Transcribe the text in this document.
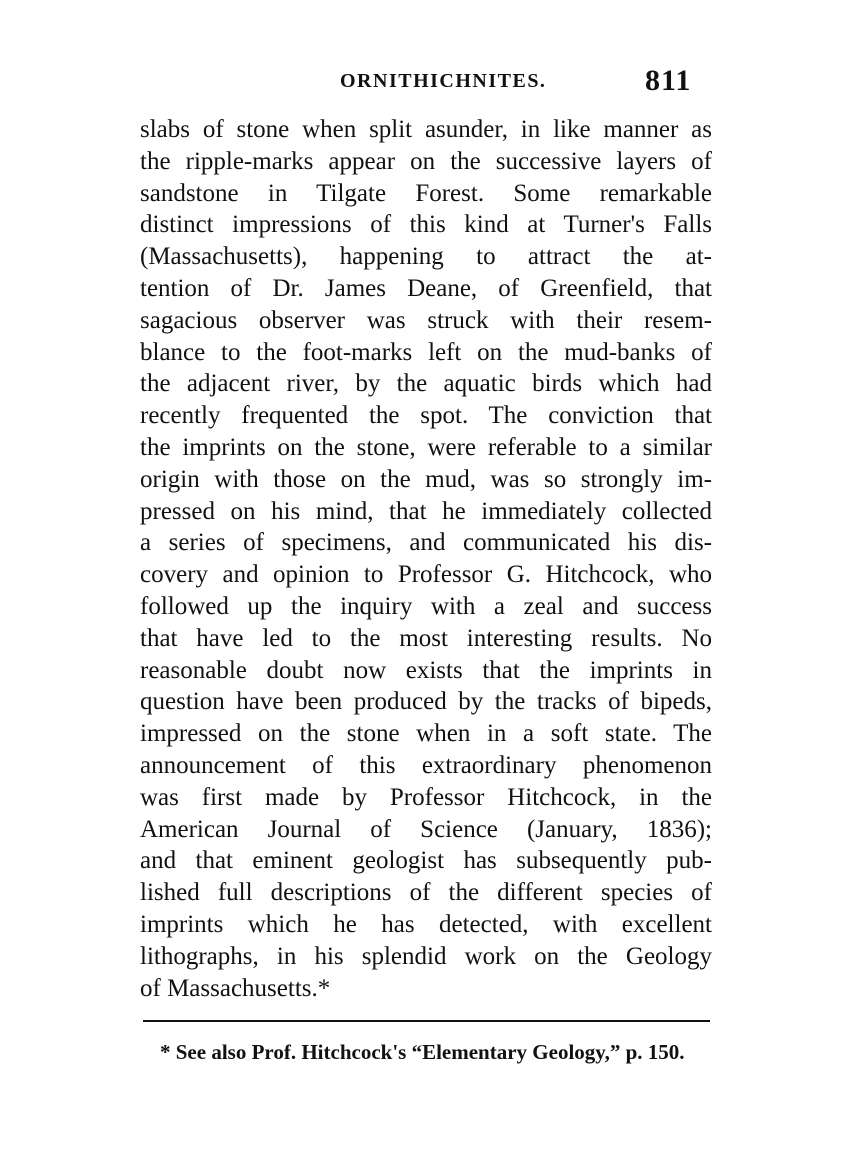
ORNITHICHNITES.	811
slabs of stone when split asunder, in like manner as
the ripple-marks appear on the successive layers of
sandstone in Tilgate Forest. Some remarkable
distinct impressions of this kind at Turner's Falls
(Massachusetts), happening to attract the at-
tention of Dr. James Deane, of Greenfield, that
sagacious observer was struck with their resem-
blance to the foot-marks left on the mud-banks of
the adjacent river, by the aquatic birds which had
recently frequented the spot. The conviction that
the imprints on the stone, were referable to a similar
origin with those on the mud, was so strongly im-
pressed on his mind, that he immediately collected
a series of specimens, and communicated his dis-
covery and opinion to Professor G. Hitchcock, who
followed up the inquiry with a zeal and success
that have led to the most interesting results. No
reasonable doubt now exists that the imprints in
question have been produced by the tracks of bipeds,
impressed on the stone when in a soft state. The
announcement of this extraordinary phenomenon
was first made by Professor Hitchcock, in the
American Journal of Science (January, 1836);
and that eminent geologist has subsequently pub-
lished full descriptions of the different species of
imprints which he has detected, with excellent
lithographs, in his splendid work on the Geology
of Massachusetts.*
* See also Prof. Hitchcock's “Elementary Geology,” p. 150.
